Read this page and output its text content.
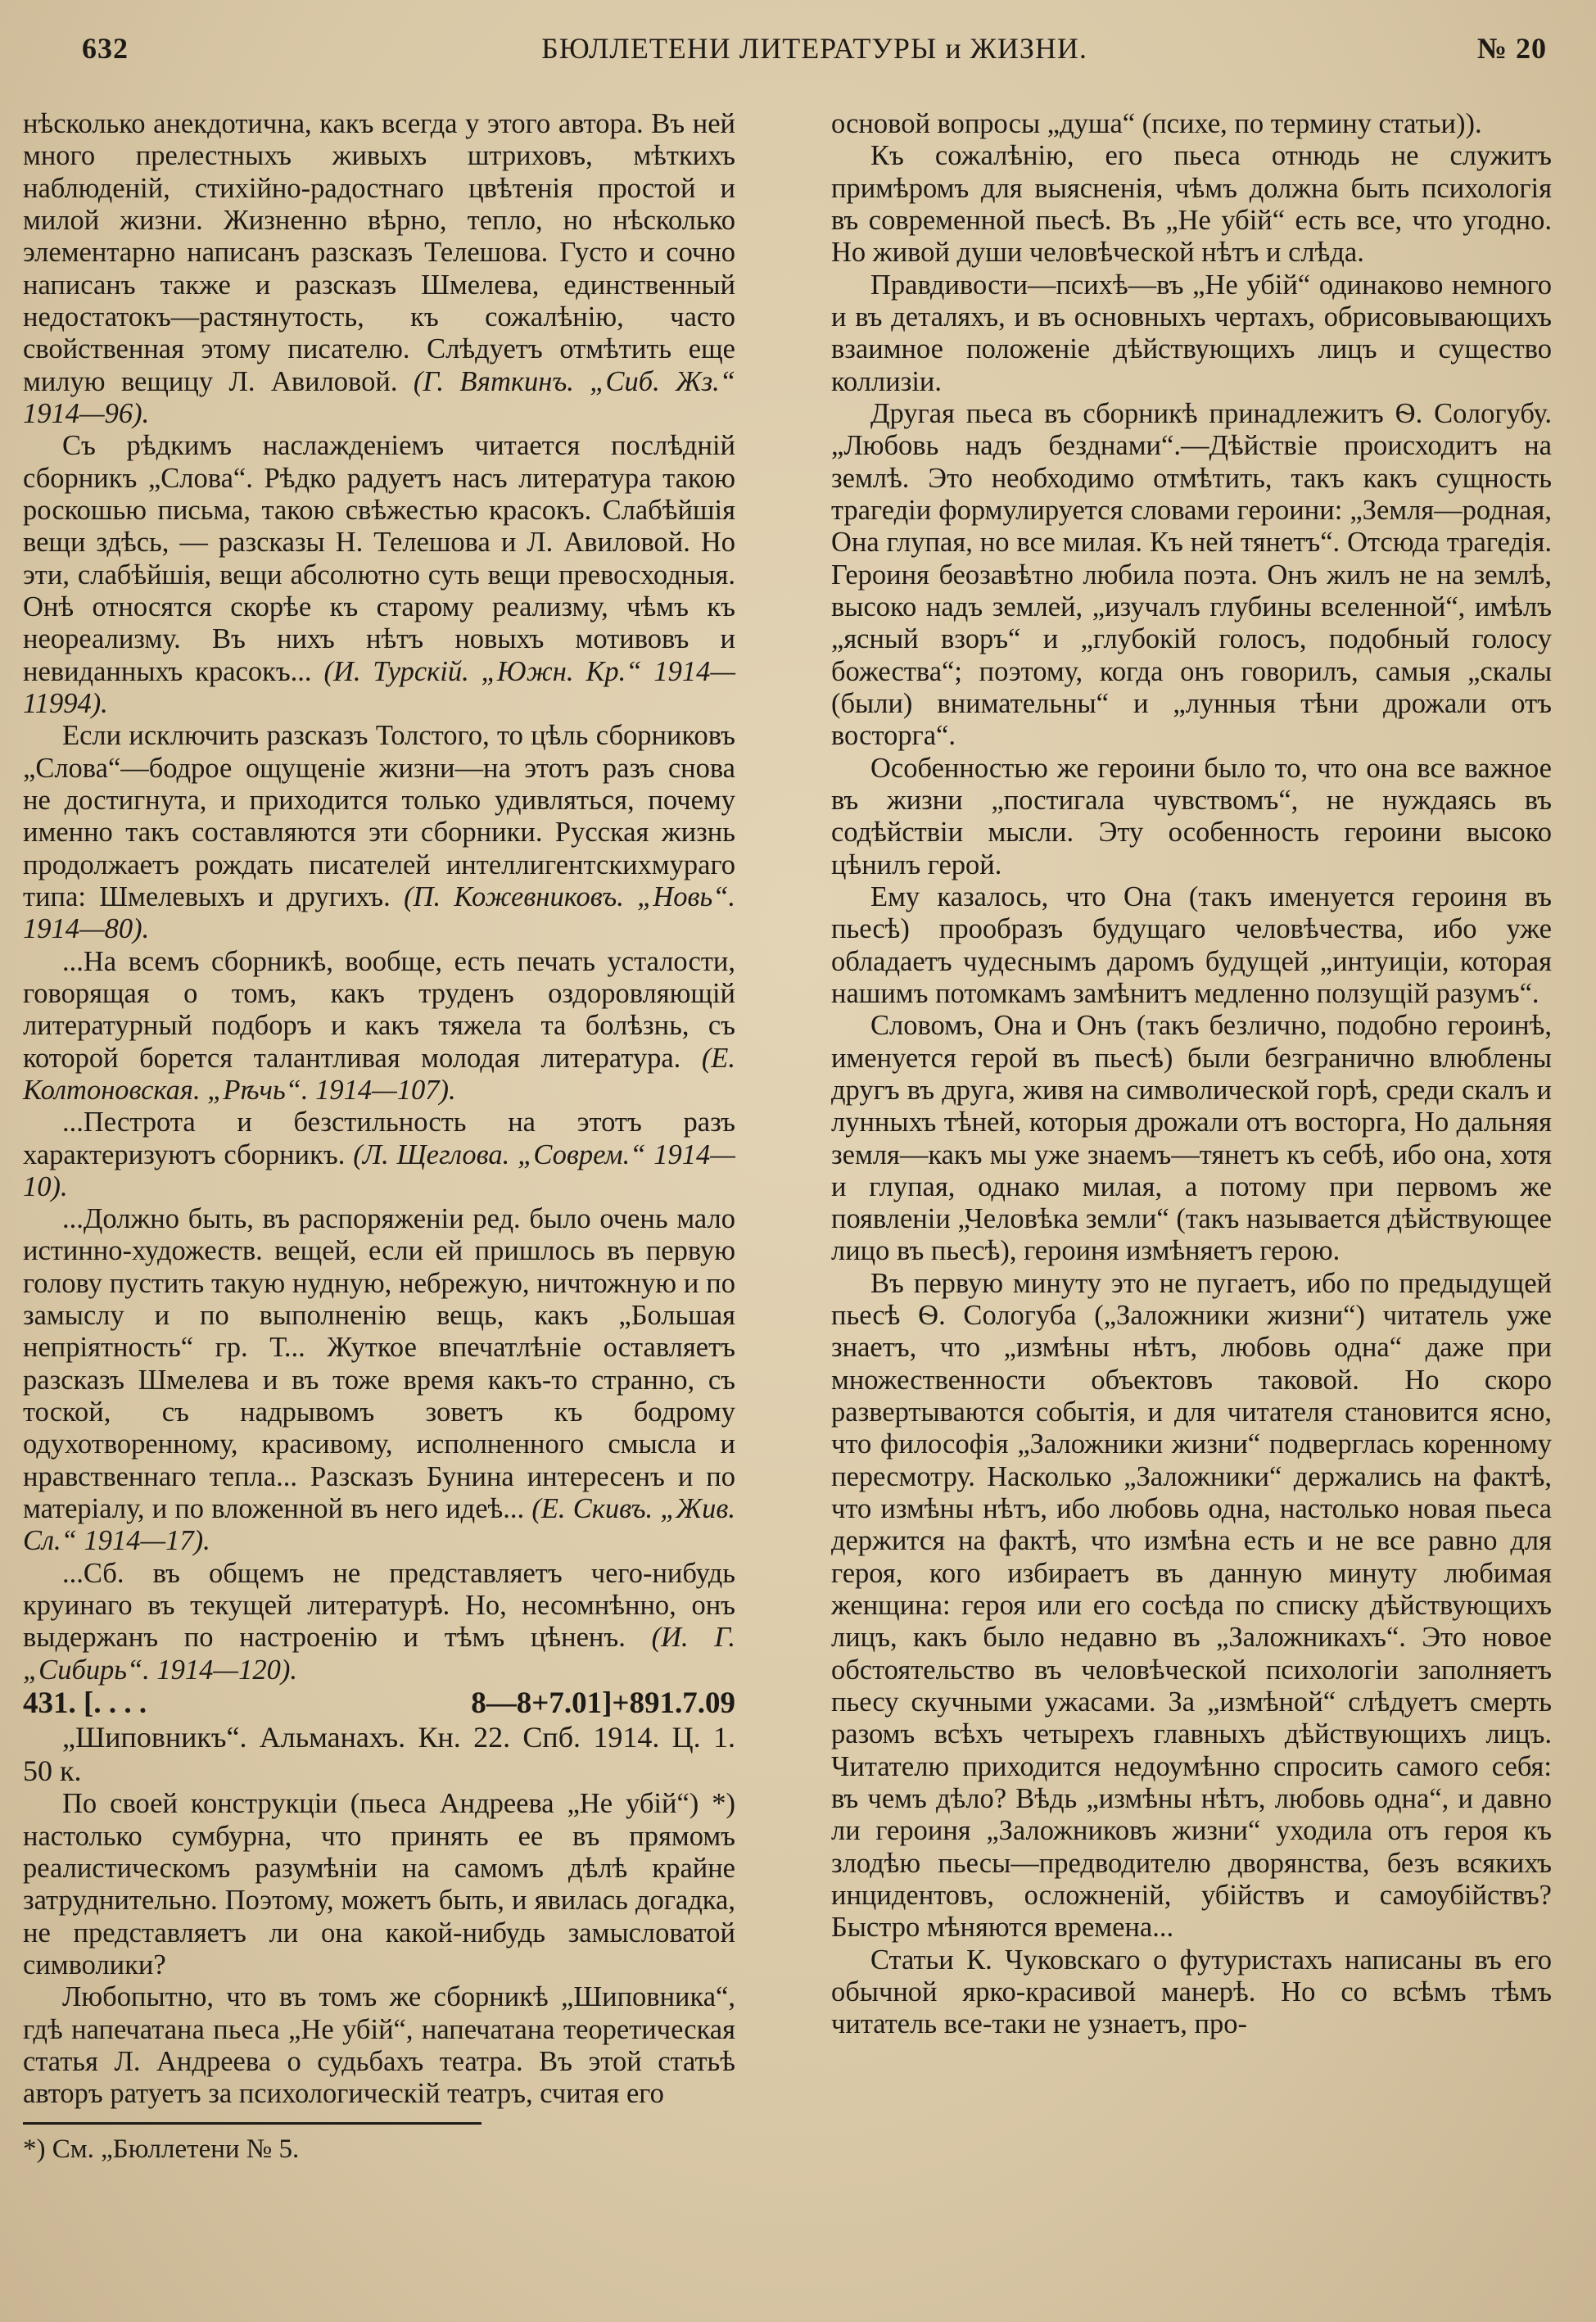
632	БЮЛЛЕТЕНИ ЛИТЕРАТУРЫ и ЖИЗНИ.	№ 20

нѣсколько анекдотична, какъ всегда у этого автора. Въ ней много прелестныхъ живыхъ штриховъ, мѣткихъ наблюденій, стихійно-радостнаго цвѣтенія простой и милой жизни. Жизненно вѣрно, тепло, но нѣсколько элементарно написанъ разсказъ Телешова. Густо и сочно написанъ также и разсказъ Шмелева, единственный недостатокъ—растянутость, къ сожалѣнію, часто свойственная этому писателю. Слѣдуетъ отмѣтить еще милую вещицу Л. Авиловой. (Г. Вяткинъ. „Сиб. Жз.“ 1914—96).

Съ рѣдкимъ наслажденіемъ читается послѣдній сборникъ „Слова“. Рѣдко радуетъ насъ литература такою роскошью письма, такою свѣжестью красокъ. Слабѣйшія вещи здѣсь, — разсказы Н. Телешова и Л. Авиловой. Но эти, слабѣйшія, вещи абсолютно суть вещи превосходныя. Онѣ относятся скорѣе къ старому реализму, чѣмъ къ неореализму. Въ нихъ нѣтъ новыхъ мотивовъ и невиданныхъ красокъ... (И. Турскій. „Южн. Кр.“ 1914—11994).

Если исключить разсказъ Толстого, то цѣль сборниковъ „Слова“—бодрое ощущеніе жизни—на этотъ разъ снова не достигнута, и приходится только удивляться, почему именно такъ составляются эти сборники. Русская жизнь продолжаетъ рождать писателей интеллигентскихмураго типа: Шмелевыхъ и другихъ. (П. Кожевниковъ. „Новь“. 1914—80).

...На всемъ сборникѣ, вообще, есть печать усталости, говорящая о томъ, какъ труденъ оздоровляющій литературный подборъ и какъ тяжела та болѣзнь, съ которой борется талантливая молодая литература. (Е. Колтоновская. „Рѣчь“. 1914—107).

...Пестрота и безстильность на этотъ разъ характеризуютъ сборникъ. (Л. Щеглова. „Соврем.“ 1914—10).

...Должно быть, въ распоряженіи ред. было очень мало истинно-художеств. вещей, если ей пришлось въ первую голову пустить такую нудную, небрежую, ничтожную и по замыслу и по выполненію вещь, какъ „Большая непріятность“ гр. Т... Жуткое впечатлѣніе оставляетъ разсказъ Шмелева и въ тоже время какъ-то странно, съ тоской, съ надрывомъ зоветъ къ бодрому одухотворенному, красивому, исполненного смысла и нравственнаго тепла... Разсказъ Бунина интересенъ и по матеріалу, и по вложенной въ него идеѣ... (Е. Скивъ. „Жив. Сл.“ 1914—17).

...Сб. въ общемъ не представляетъ чего-нибудь круинаго въ текущей литературѣ. Но, несомнѣнно, онъ выдержанъ по настроенію и тѣмъ цѣненъ. (И. Г. „Сибирь“. 1914—120).

431. [. . . .	8—8+7.01]+891.7.09

„Шиповникъ“. Альманахъ. Кн. 22. Спб. 1914. Ц. 1. 50 к.

По своей конструкціи (пьеса Андреева „Не убій“) *) настолько сумбурна, что принять ее въ прямомъ реалистическомъ разумѣніи на самомъ дѣлѣ крайне затруднительно. Поэтому, можетъ быть, и явилась догадка, не представляетъ ли она какой-нибудь замысловатой символики?

Любопытно, что въ томъ же сборникѣ „Шиповника“, гдѣ напечатана пьеса „Не убій“, напечатана теоретическая статья Л. Андреева о судьбахъ театра. Въ этой статьѣ авторъ ратуетъ за психологическій театръ, считая его

*) См. „Бюллетени № 5.

основой вопросы „душа“ (психе, по термину статьи)).

Къ сожалѣнію, его пьеса отнюдь не служитъ примѣромъ для выясненія, чѣмъ должна быть психологія въ современной пьесѣ. Въ „Не убій“ есть все, что угодно. Но живой души человѣческой нѣтъ и слѣда.

Правдивости—психѣ—въ „Не убій“ одинаково немного и въ деталяхъ, и въ основныхъ чертахъ, обрисовывающихъ взаимное положеніе дѣйствующихъ лицъ и существо коллизіи.

Другая пьеса въ сборникѣ принадлежитъ Ѳ. Сологубу. „Любовь надъ безднами“.—Дѣйствіе происходитъ на землѣ. Это необходимо отмѣтить, такъ какъ сущность трагедіи формулируется словами героини: „Земля—родная, Она глупая, но все милая. Къ ней тянетъ“. Отсюда трагедія. Героиня беозавѣтно любила поэта. Онъ жилъ не на землѣ, высоко надъ землей, „изучалъ глубины вселенной“, имѣлъ „ясный взоръ“ и „глубокій голосъ, подобный голосу божества“; поэтому, когда онъ говорилъ, самыя „скалы (были) внимательны“ и „лунныя тѣни дрожали отъ восторга“.

Особенностью же героини было то, что она все важное въ жизни „постигала чувствомъ“, не нуждаясь въ содѣйствіи мысли. Эту особенность героини высоко цѣнилъ герой.

Ему казалось, что Она (такъ именуется героиня въ пьесѣ) прообразъ будущаго человѣчества, ибо уже обладаетъ чудеснымъ даромъ будущей „интуиціи, которая нашимъ потомкамъ замѣнитъ медленно ползущій разумъ“.

Словомъ, Она и Онъ (такъ безлично, подобно героинѣ, именуется герой въ пьесѣ) были безгранично влюблены другъ въ друга, живя на символической горѣ, среди скалъ и лунныхъ тѣней, которыя дрожали отъ восторга, Но дальняя земля—какъ мы уже знаемъ—тянетъ къ себѣ, ибо она, хотя и глупая, однако милая, а потому при первомъ же появленіи „Человѣка земли“ (такъ называется дѣйствующее лицо въ пьесѣ), героиня измѣняетъ герою.

Въ первую минуту это не пугаетъ, ибо по предыдущей пьесѣ Ѳ. Сологуба („Заложники жизни“) читатель уже знаетъ, что „измѣны нѣтъ, любовь одна“ даже при множественности объектовъ таковой. Но скоро развертываются событія, и для читателя становится ясно, что философія „Заложники жизни“ подверглась коренному пересмотру. Насколько „Заложники“ держались на фактѣ, что измѣны нѣтъ, ибо любовь одна, настолько новая пьеса держится на фактѣ, что измѣна есть и не все равно для героя, кого избираетъ въ данную минуту любимая женщина: героя или его сосѣда по списку дѣйствующихъ лицъ, какъ было недавно въ „Заложникахъ“. Это новое обстоятельство въ человѣческой психологіи заполняетъ пьесу скучными ужасами. За „измѣной“ слѣдуетъ смерть разомъ всѣхъ четырехъ главныхъ дѣйствующихъ лицъ. Читателю приходится недоумѣнно спросить самого себя: въ чемъ дѣло? Вѣдь „измѣны нѣтъ, любовь одна“, и давно ли героиня „Заложниковъ жизни“ уходила отъ героя къ злодѣю пьесы—предводителю дворянства, безъ всякихъ инцидентовъ, осложненій, убійствъ и самоубійствъ? Быстро мѣняются времена...

Статьи К. Чуковскаго о футуристахъ написаны въ его обычной ярко-красивой манерѣ. Но со всѣмъ тѣмъ читатель все-таки не узнаетъ, про-
